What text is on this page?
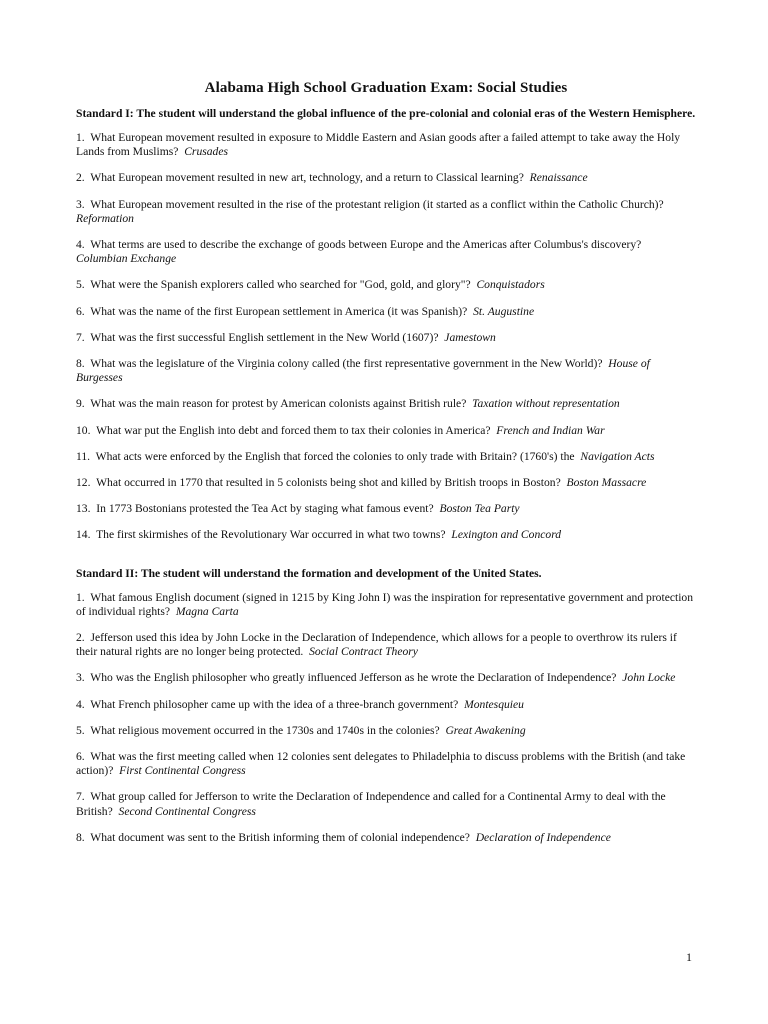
Alabama High School Graduation Exam: Social Studies
Standard I: The student will understand the global influence of the pre-colonial and colonial eras of the Western Hemisphere.
1. What European movement resulted in exposure to Middle Eastern and Asian goods after a failed attempt to take away the Holy Lands from Muslims? Crusades
2. What European movement resulted in new art, technology, and a return to Classical learning? Renaissance
3. What European movement resulted in the rise of the protestant religion (it started as a conflict within the Catholic Church)?  Reformation
4. What terms are used to describe the exchange of goods between Europe and the Americas after Columbus's discovery?  Columbian Exchange
5. What were the Spanish explorers called who searched for "God, gold, and glory"? Conquistadors
6. What was the name of the first European settlement in America (it was Spanish)? St. Augustine
7. What was the first successful English settlement in the New World (1607)? Jamestown
8. What was the legislature of the Virginia colony called (the first representative government in the New World)? House of Burgesses
9. What was the main reason for protest by American colonists against British rule? Taxation without representation
10. What war put the English into debt and forced them to tax their colonies in America? French and Indian War
11. What acts were enforced by the English that forced the colonies to only trade with Britain? (1760's) the Navigation Acts
12. What occurred in 1770 that resulted in 5 colonists being shot and killed by British troops in Boston? Boston Massacre
13. In 1773 Bostonians protested the Tea Act by staging what famous event? Boston Tea Party
14. The first skirmishes of the Revolutionary War occurred in what two towns? Lexington and Concord
Standard II: The student will understand the formation and development of the United States.
1. What famous English document (signed in 1215 by King John I) was the inspiration for representative government and protection of individual rights? Magna Carta
2. Jefferson used this idea by John Locke in the Declaration of Independence, which allows for a people to overthrow its rulers if their natural rights are no longer being protected. Social Contract Theory
3. Who was the English philosopher who greatly influenced Jefferson as he wrote the Declaration of Independence? John Locke
4. What French philosopher came up with the idea of a three-branch government? Montesquieu
5. What religious movement occurred in the 1730s and 1740s in the colonies? Great Awakening
6. What was the first meeting called when 12 colonies sent delegates to Philadelphia to discuss problems with the British (and take action)? First Continental Congress
7. What group called for Jefferson to write the Declaration of Independence and called for a Continental Army to deal with the British? Second Continental Congress
8. What document was sent to the British informing them of colonial independence? Declaration of Independence
1
